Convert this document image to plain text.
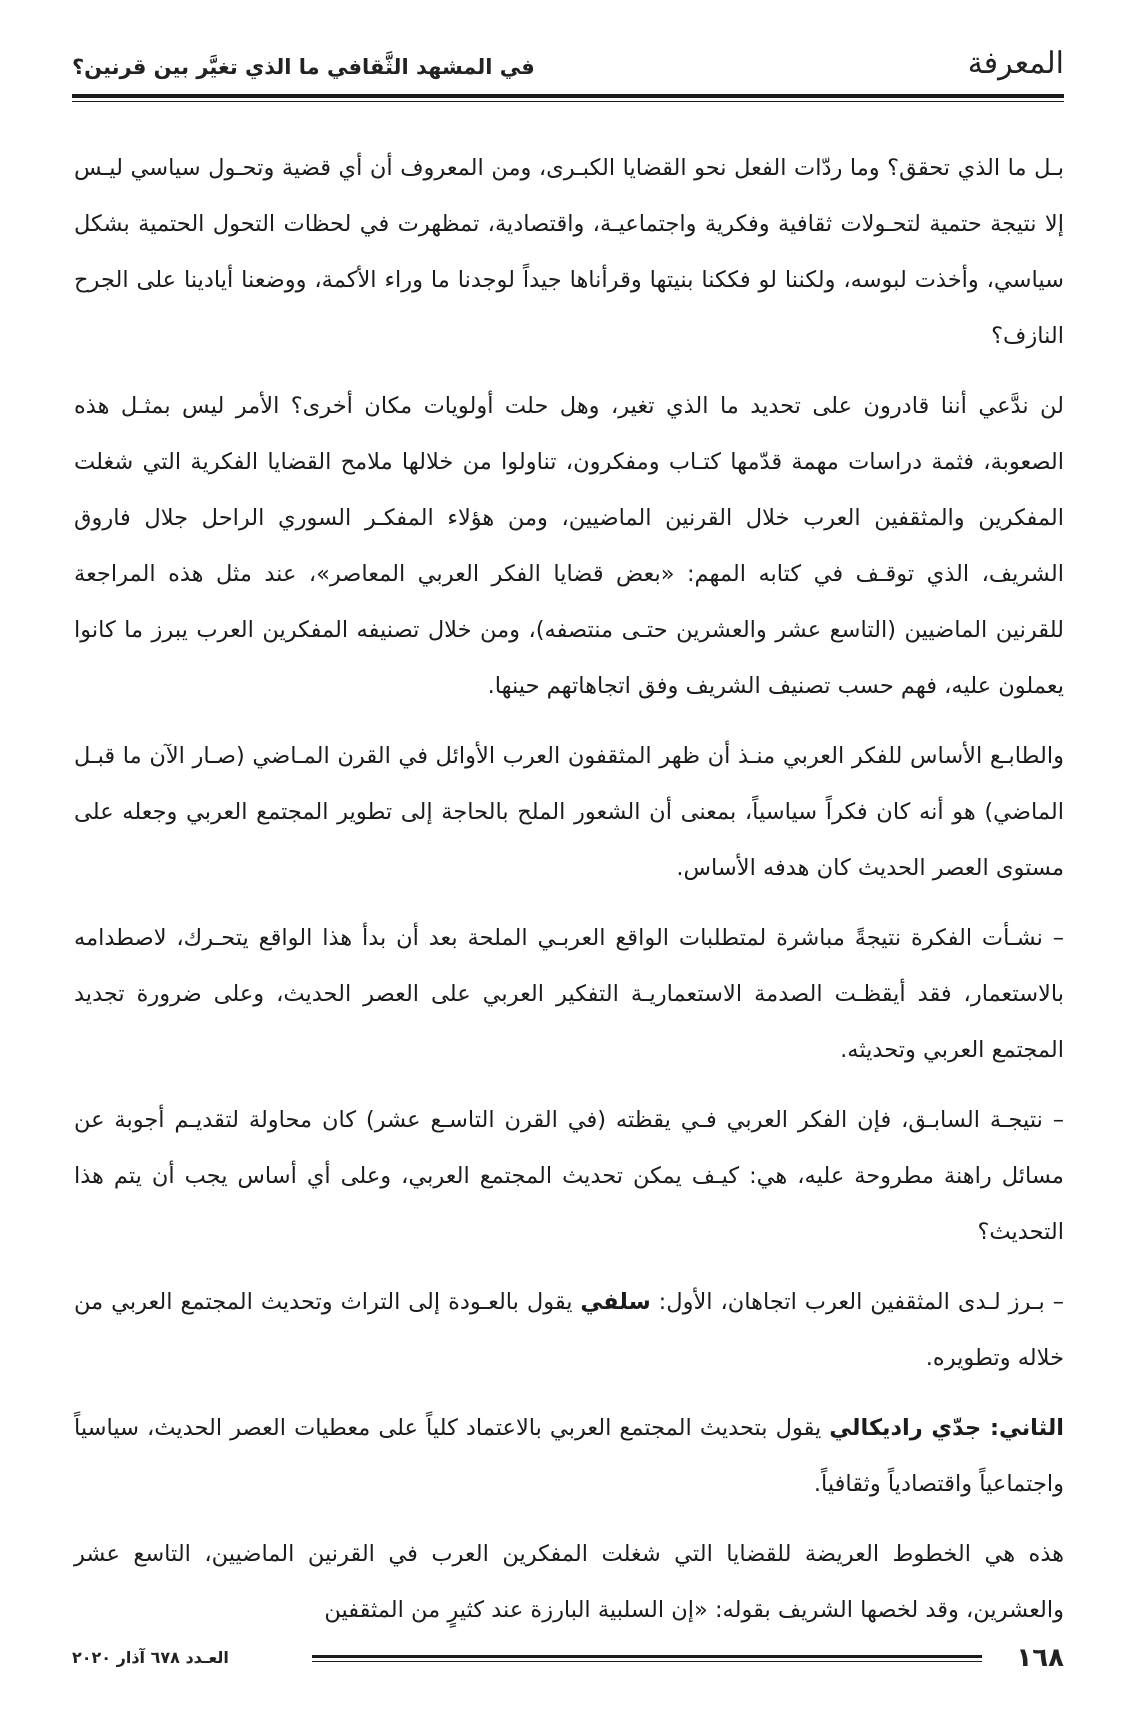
المعرفة
في المشهد الثَّقافي ما الذي تغيَّر بين قرنين؟

بـل ما الذي تحقق؟ وما ردّات الفعل نحو القضايا الكبـرى، ومن المعروف أن أي قضية وتحـول سياسي ليـس إلا نتيجة حتمية لتحـولات ثقافية وفكرية واجتماعيـة، واقتصادية، تمظهرت في لحظات التحول الحتمية بشكل سياسي، وأخذت لبوسه، ولكننا لو فككنا بنيتها وقرأناها جيداً لوجدنا ما وراء الأكمة، ووضعنا أيادينا على الجرح النازف؟

لن ندَّعي أننا قادرون على تحديد ما الذي تغير، وهل حلت أولويات مكان أخرى؟ الأمر ليس بمثـل هذه الصعوبة، فثمة دراسات مهمة قدّمها كتـاب ومفكرون، تناولوا من خلالها ملامح القضايا الفكرية التي شغلت المفكرين والمثقفين العرب خلال القرنين الماضيين، ومن هؤلاء المفكـر السوري الراحل جلال فاروق الشريف، الذي توقـف في كتابه المهم: «بعض قضايا الفكر العربي المعاصر»، عند مثل هذه المراجعة للقرنين الماضيين (التاسع عشر والعشرين حتـى منتصفه)، ومن خلال تصنيفه المفكرين العرب يبرز ما كانوا يعملون عليه، فهم حسب تصنيف الشريف وفق اتجاهاتهم حينها.

والطابـع الأساس للفكر العربي منـذ أن ظهر المثقفون العرب الأوائل في القرن المـاضي (صـار الآن ما قبـل الماضي) هو أنه كان فكراً سياسياً، بمعنى أن الشعور الملح بالحاجة إلى تطوير المجتمع العربي وجعله على مستوى العصر الحديث كان هدفه الأساس.

– نشـأت الفكرة نتيجةً مباشرة لمتطلبات الواقع العربـي الملحة بعد أن بدأ هذا الواقع يتحـرك، لاصطدامه بالاستعمار، فقد أيقظـت الصدمة الاستعماريـة التفكير العربي على العصر الحديث، وعلى ضرورة تجديد المجتمع العربي وتحديثه.

– نتيجـة السابـق، فإن الفكر العربي فـي يقظته (في القرن التاسـع عشر) كان محاولة لتقديـم أجوبة عن مسائل راهنة مطروحة عليه، هي: كيـف يمكن تحديث المجتمع العربي، وعلى أي أساس يجب أن يتم هذا التحديث؟

– بـرز لـدى المثقفين العرب اتجاهان، الأول: سلفي يقول بالعـودة إلى التراث وتحديث المجتمع العربي من خلاله وتطويره.

الثاني: جدّي راديكالي يقول بتحديث المجتمع العربي بالاعتماد كلياً على معطيات العصر الحديث، سياسياً واجتماعياً واقتصادياً وثقافياً.

هذه هي الخطوط العريضة للقضايا التي شغلت المفكرين العرب في القرنين الماضيين، التاسع عشر والعشرين، وقد لخصها الشريف بقوله: «إن السلبية البارزة عند كثيرٍ من المثقفين

١٦٨
العـدد ٦٧٨ آذار ٢٠٢٠
